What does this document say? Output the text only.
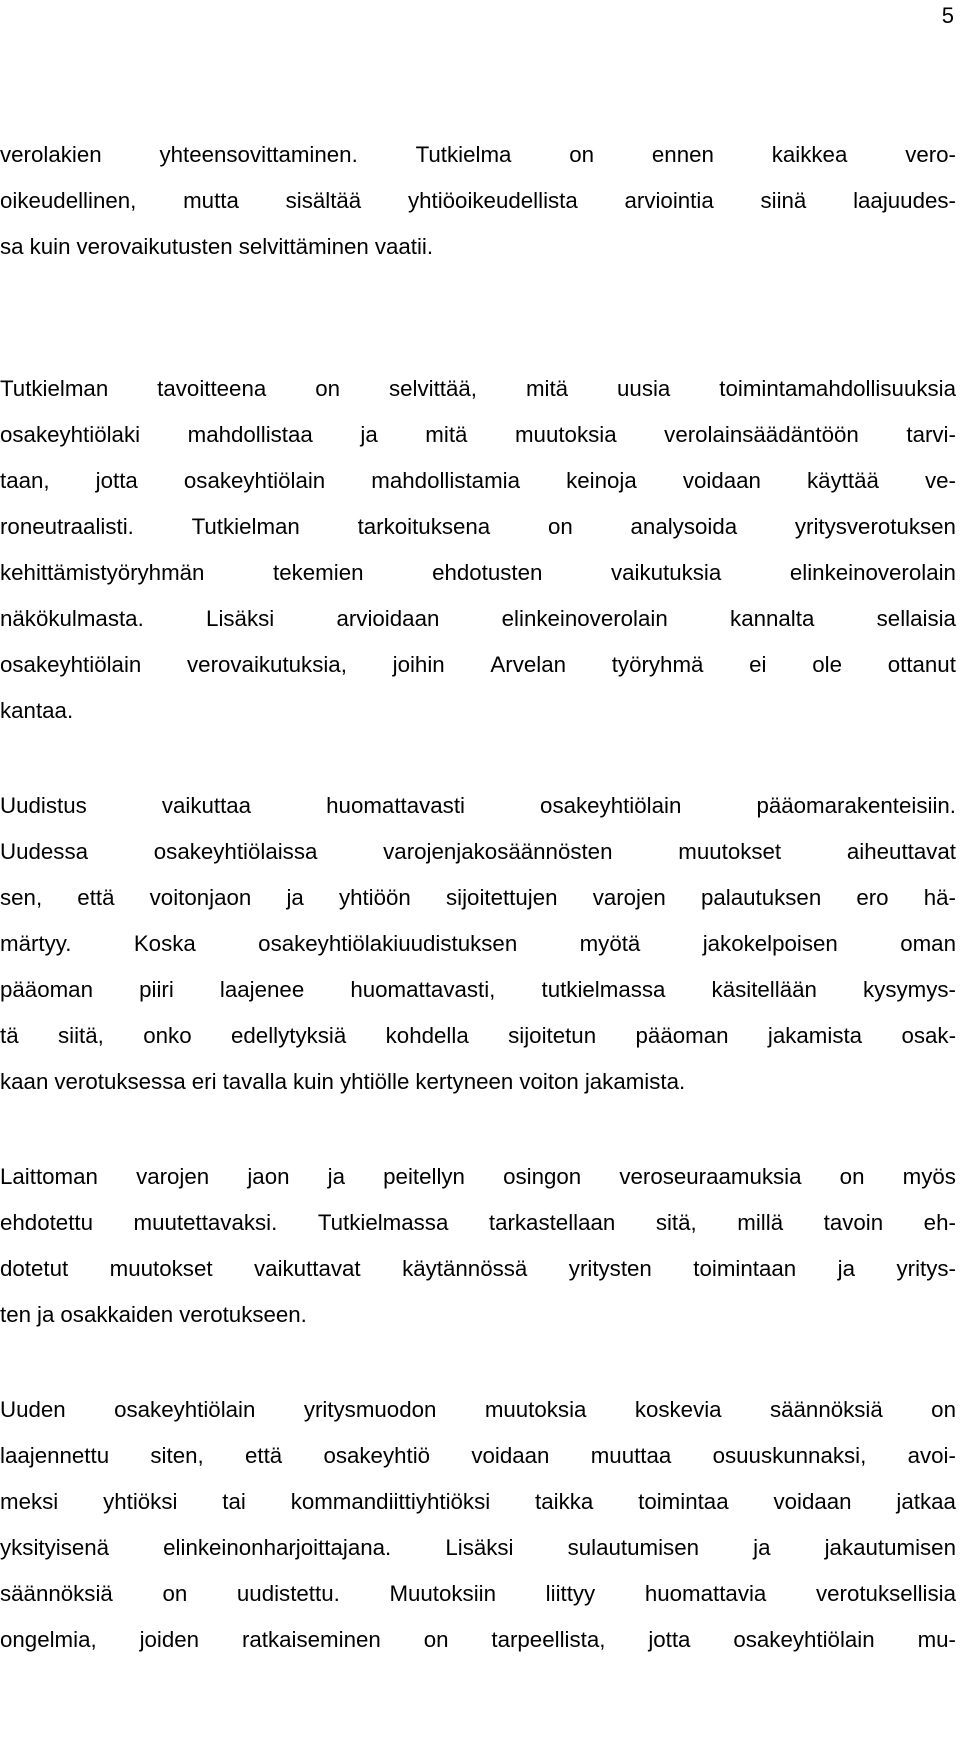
5
verolakien	yhteensovittaminen.	Tutkielma	on	ennen	kaikkea	vero-
oikeudellinen, mutta sisältää yhtiöoikeudellista arviointia siinä laajuudes-
sa kuin verovaikutusten selvittäminen vaatii.
Tutkielman tavoitteena on selvittää, mitä uusia toimintamahdollisuuksia
osakeyhtiölaki mahdollistaa ja mitä muutoksia verolainsäädäntöön tarvi-
taan, jotta osakeyhtiölain mahdollistamia keinoja voidaan käyttää ve-
roneutraalisti.	Tutkielman	tarkoituksena	on	analysoida	yritysverotuksen
kehittämistyöryhmän	tekemien	ehdotusten	vaikutuksia	elinkeinoverolain
näkökulmasta.	Lisäksi	arvioidaan	elinkeinoverolain	kannalta	sellaisia
osakeyhtiölain verovaikutuksia, joihin Arvelan työryhmä ei ole ottanut
kantaa.
Uudistus	vaikuttaa	huomattavasti	osakeyhtiölain	pääomarakenteisiin.
Uudessa	osakeyhtiölaissa	varojenjakosäännösten	muutokset	aiheuttavat
sen, että voitonjaon ja yhtiöön sijoitettujen varojen palautuksen ero hä-
märtyy.	Koska	osakeyhtiölakiuudistuksen	myötä	jakokelpoisen	oman
pääoman piiri laajenee huomattavasti, tutkielmassa käsitellään kysymys-
tä siitä, onko edellytyksiä kohdella sijoitetun pääoman jakamista osak-
kaan verotuksessa eri tavalla kuin yhtiölle kertyneen voiton jakamista.
Laittoman varojen jaon ja peitellyn osingon veroseuraamuksia on myös
ehdotettu muutettavaksi. Tutkielmassa tarkastellaan sitä, millä tavoin eh-
dotetut muutokset vaikuttavat käytännössä yritysten toimintaan ja yritys-
ten ja osakkaiden verotukseen.
Uuden osakeyhtiölain yritysmuodon muutoksia koskevia säännöksiä on
laajennettu siten, että osakeyhtiö voidaan muuttaa osuuskunnaksi, avoi-
meksi yhtiöksi tai kommandiittiyhtiöksi taikka toimintaa voidaan jatkaa
yksityisenä elinkeinonharjoittajana. Lisäksi sulautumisen ja jakautumisen
säännöksiä on uudistettu. Muutoksiin liittyy huomattavia verotuksellisia
ongelmia, joiden ratkaiseminen on tarpeellista, jotta osakeyhtiölain mu-
